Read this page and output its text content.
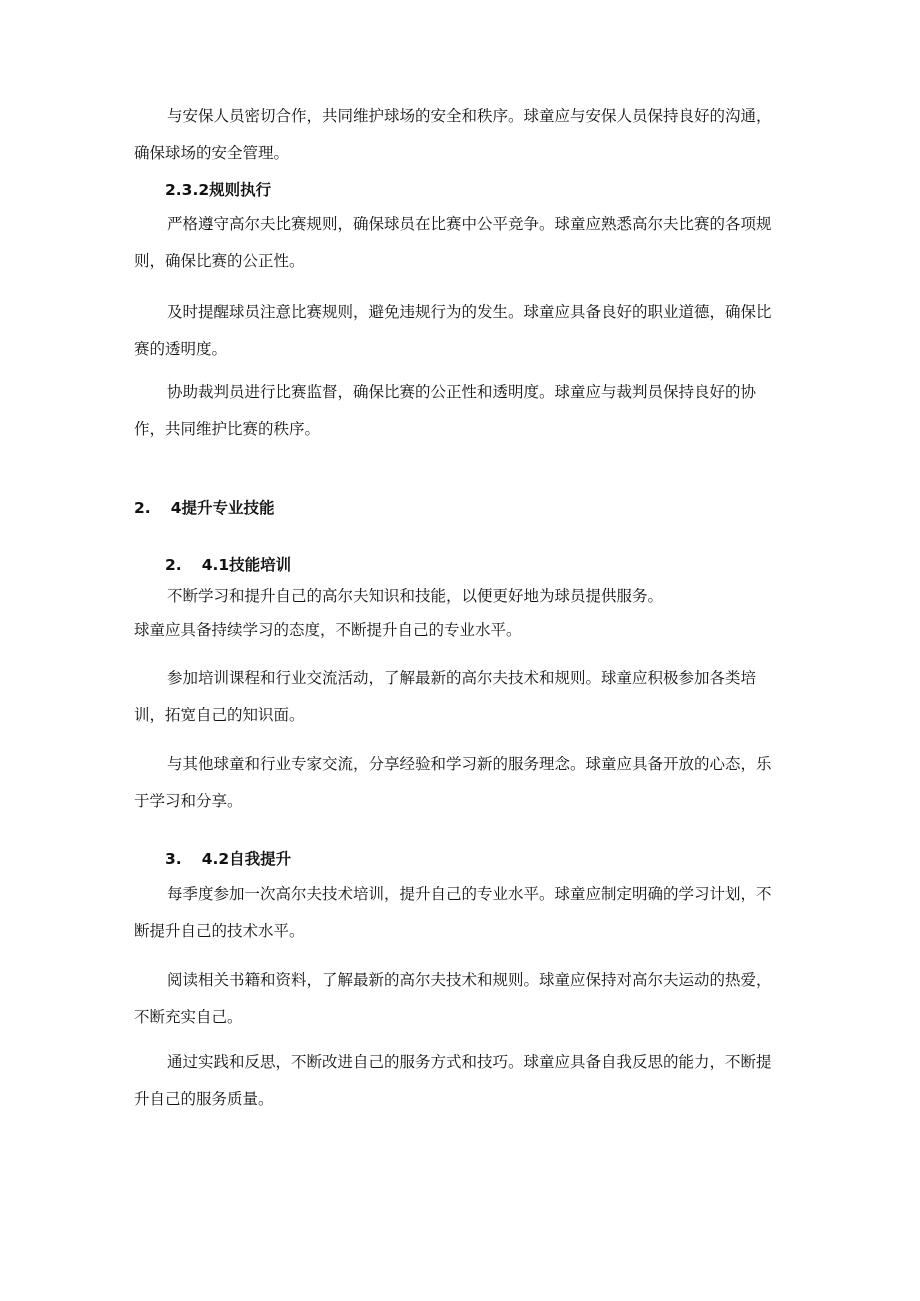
与安保人员密切合作，共同维护球场的安全和秩序。球童应与安保人员保持良好的沟通，确保球场的安全管理。

2.3.2规则执行

严格遵守高尔夫比赛规则，确保球员在比赛中公平竞争。球童应熟悉高尔夫比赛的各项规则，确保比赛的公正性。

及时提醒球员注意比赛规则，避免违规行为的发生。球童应具备良好的职业道德，确保比赛的透明度。

协助裁判员进行比赛监督，确保比赛的公正性和透明度。球童应与裁判员保持良好的协作，共同维护比赛的秩序。

2. 4提升专业技能
2. 4.1技能培训

不断学习和提升自己的高尔夫知识和技能，以便更好地为球员提供服务。

球童应具备持续学习的态度，不断提升自己的专业水平。

参加培训课程和行业交流活动，了解最新的高尔夫技术和规则。球童应积极参加各类培训，拓宽自己的知识面。

与其他球童和行业专家交流，分享经验和学习新的服务理念。球童应具备开放的心态，乐于学习和分享。

3. 4.2自我提升

每季度参加一次高尔夫技术培训，提升自己的专业水平。球童应制定明确的学习计划，不断提升自己的技术水平。

阅读相关书籍和资料，了解最新的高尔夫技术和规则。球童应保持对高尔夫运动的热爱，不断充实自己。

通过实践和反思，不断改进自己的服务方式和技巧。球童应具备自我反思的能力，不断提升自己的服务质量。
